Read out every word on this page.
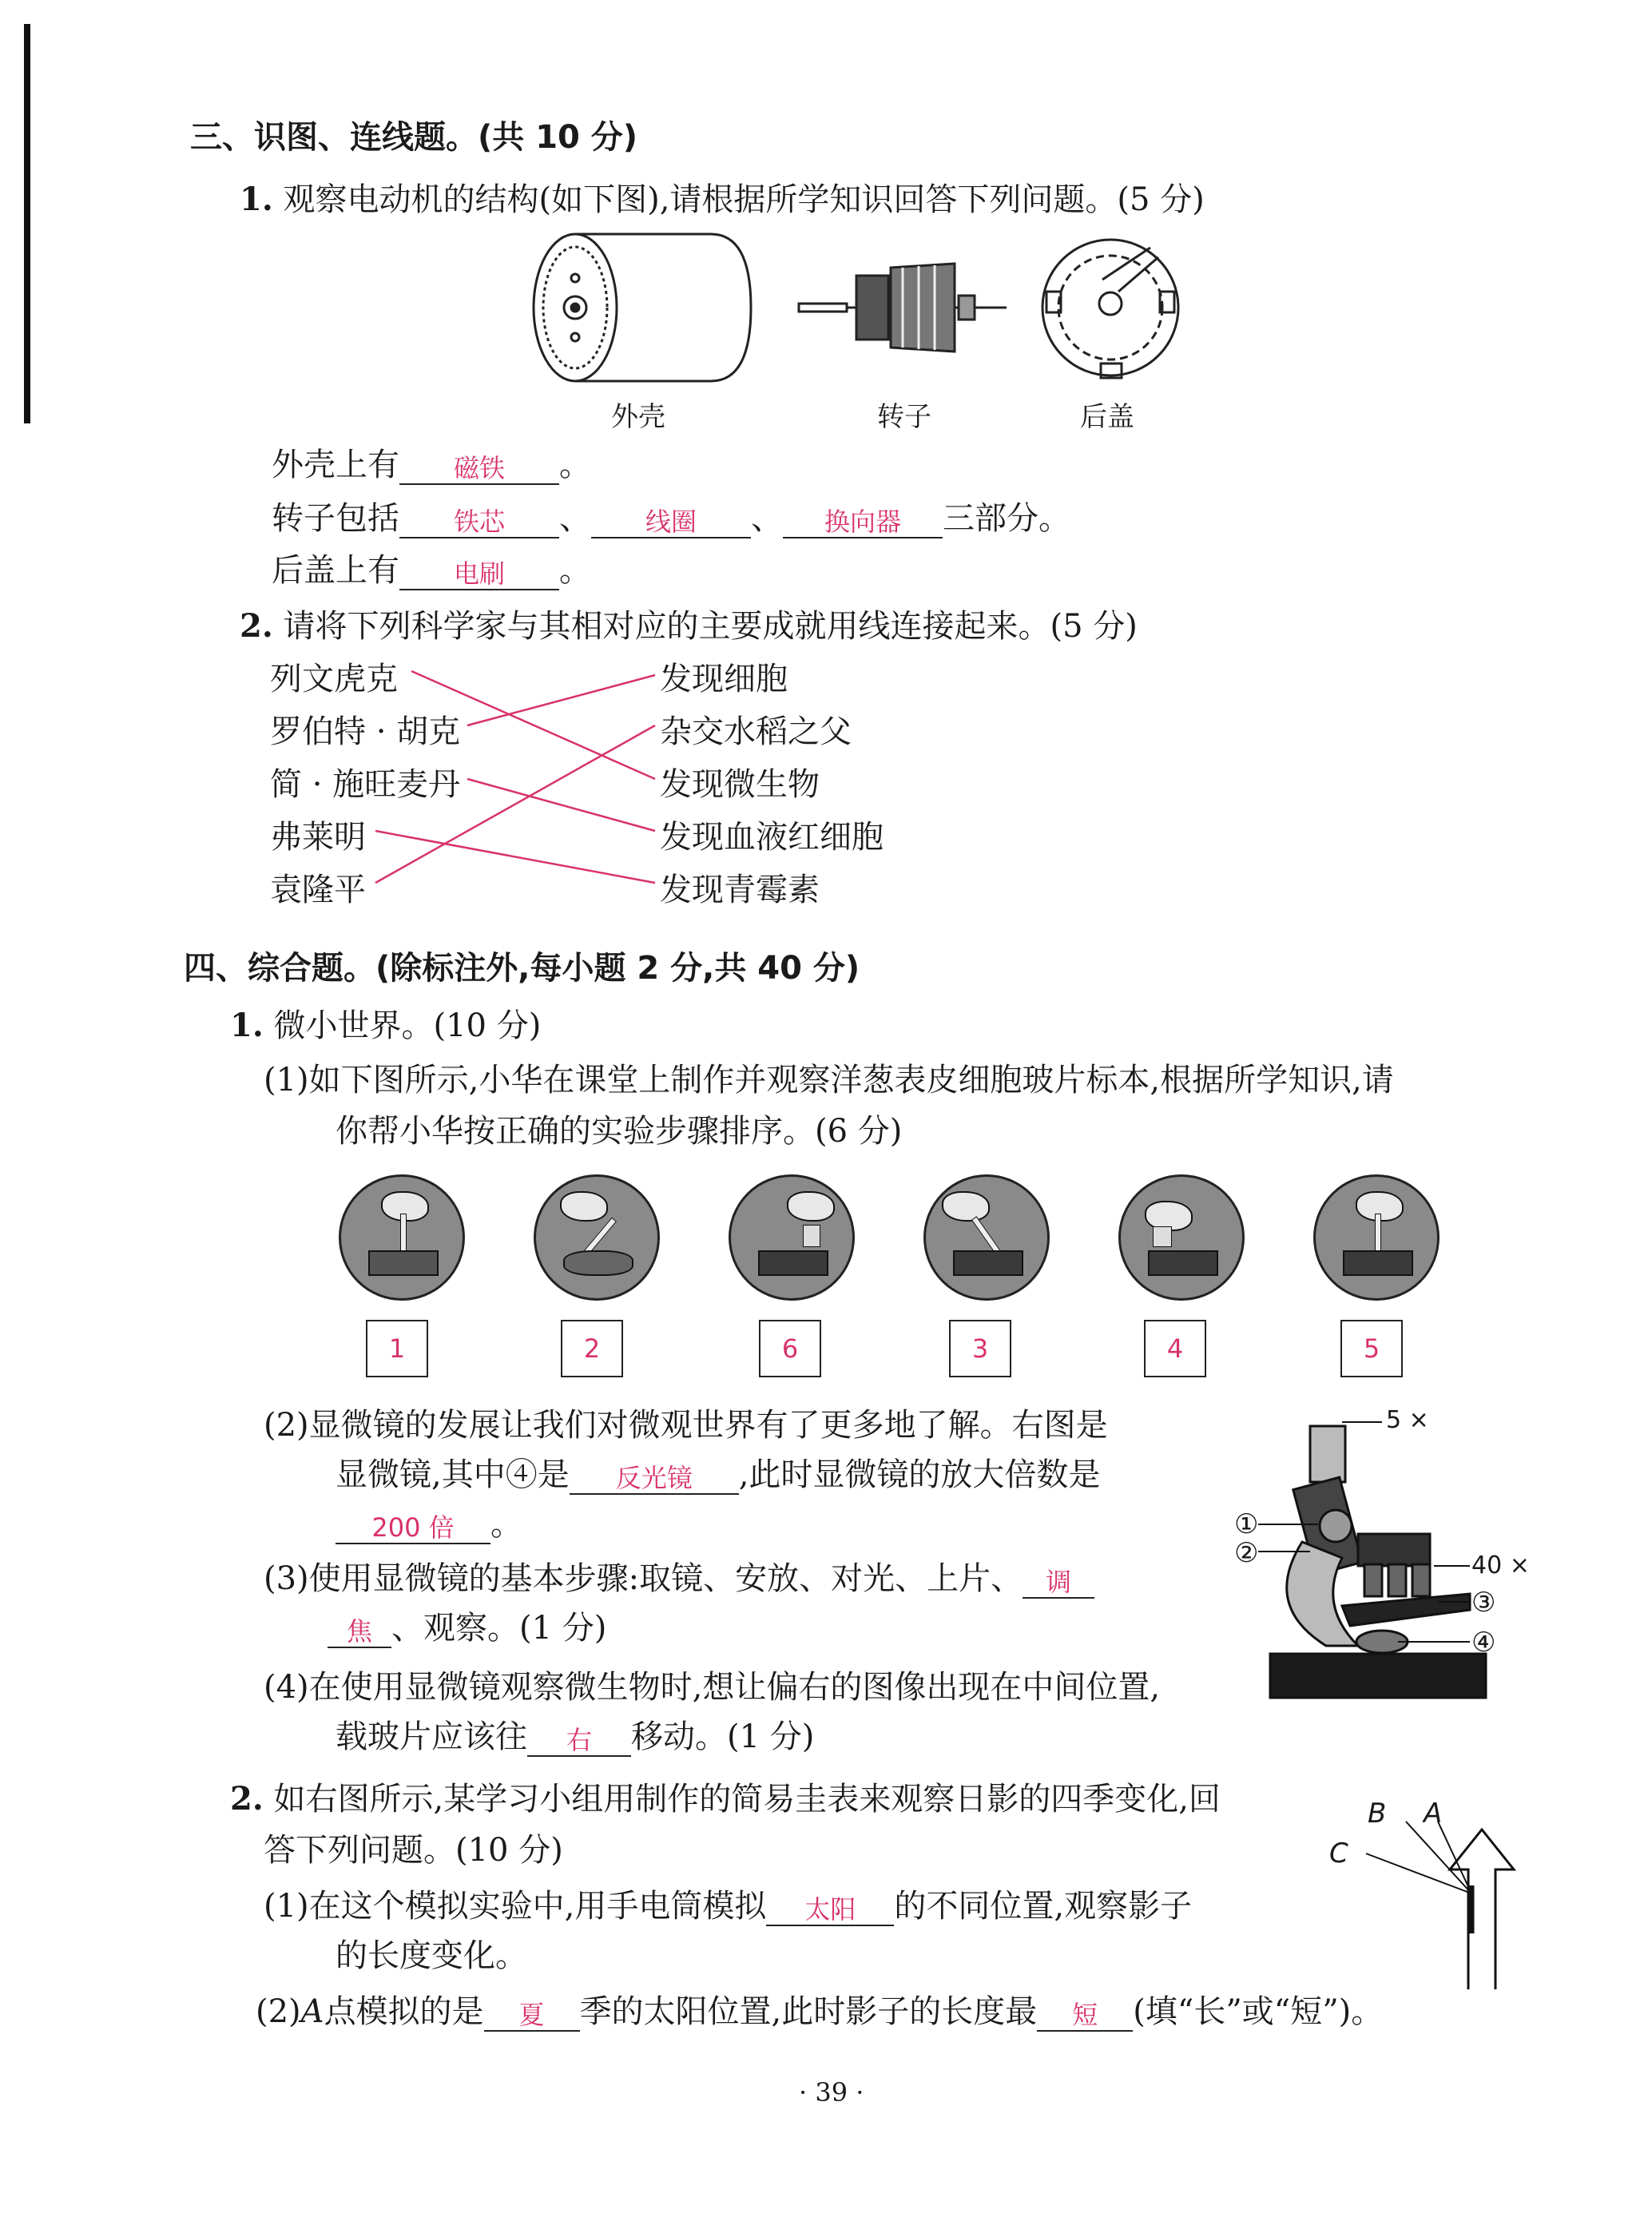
三、识图、连线题。(共 10 分)
1. 观察电动机的结构(如下图),请根据所学知识回答下列问题。(5 分)
外壳	转子	后盖
外壳上有 磁铁 。
转子包括 铁芯 、 线圈 、 换向器 三部分。
后盖上有 电刷 。
2. 请将下列科学家与其相对应的主要成就用线连接起来。(5 分)
列文虎克
罗伯特 · 胡克
简 · 施旺麦丹
弗莱明
袁隆平
发现细胞
杂交水稻之父
发现微生物
发现血液红细胞
发现青霉素
四、综合题。(除标注外,每小题 2 分,共 40 分)
1. 微小世界。(10 分)
(1)如下图所示,小华在课堂上制作并观察洋葱表皮细胞玻片标本,根据所学知识,请
你帮小华按正确的实验步骤排序。(6 分)
1	2	6	3	4	5
(2)显微镜的发展让我们对微观世界有了更多地了解。右图是
显微镜,其中④是 反光镜 ,此时显微镜的放大倍数是
200 倍 。
(3)使用显微镜的基本步骤:取镜、安放、对光、上片、 调
焦 、观察。(1 分)
(4)在使用显微镜观察微生物时,想让偏右的图像出现在中间位置,
载玻片应该往 右 移动。(1 分)
5 ×
40 ×
①
②
③
④
2. 如右图所示,某学习小组用制作的简易圭表来观察日影的四季变化,回
答下列问题。(10 分)
(1)在这个模拟实验中,用手电筒模拟 太阳 的不同位置,观察影子
的长度变化。
(2)A点模拟的是 夏 季的太阳位置,此时影子的长度最 短 (填“长”或“短”)。
B A
C
· 39 ·
